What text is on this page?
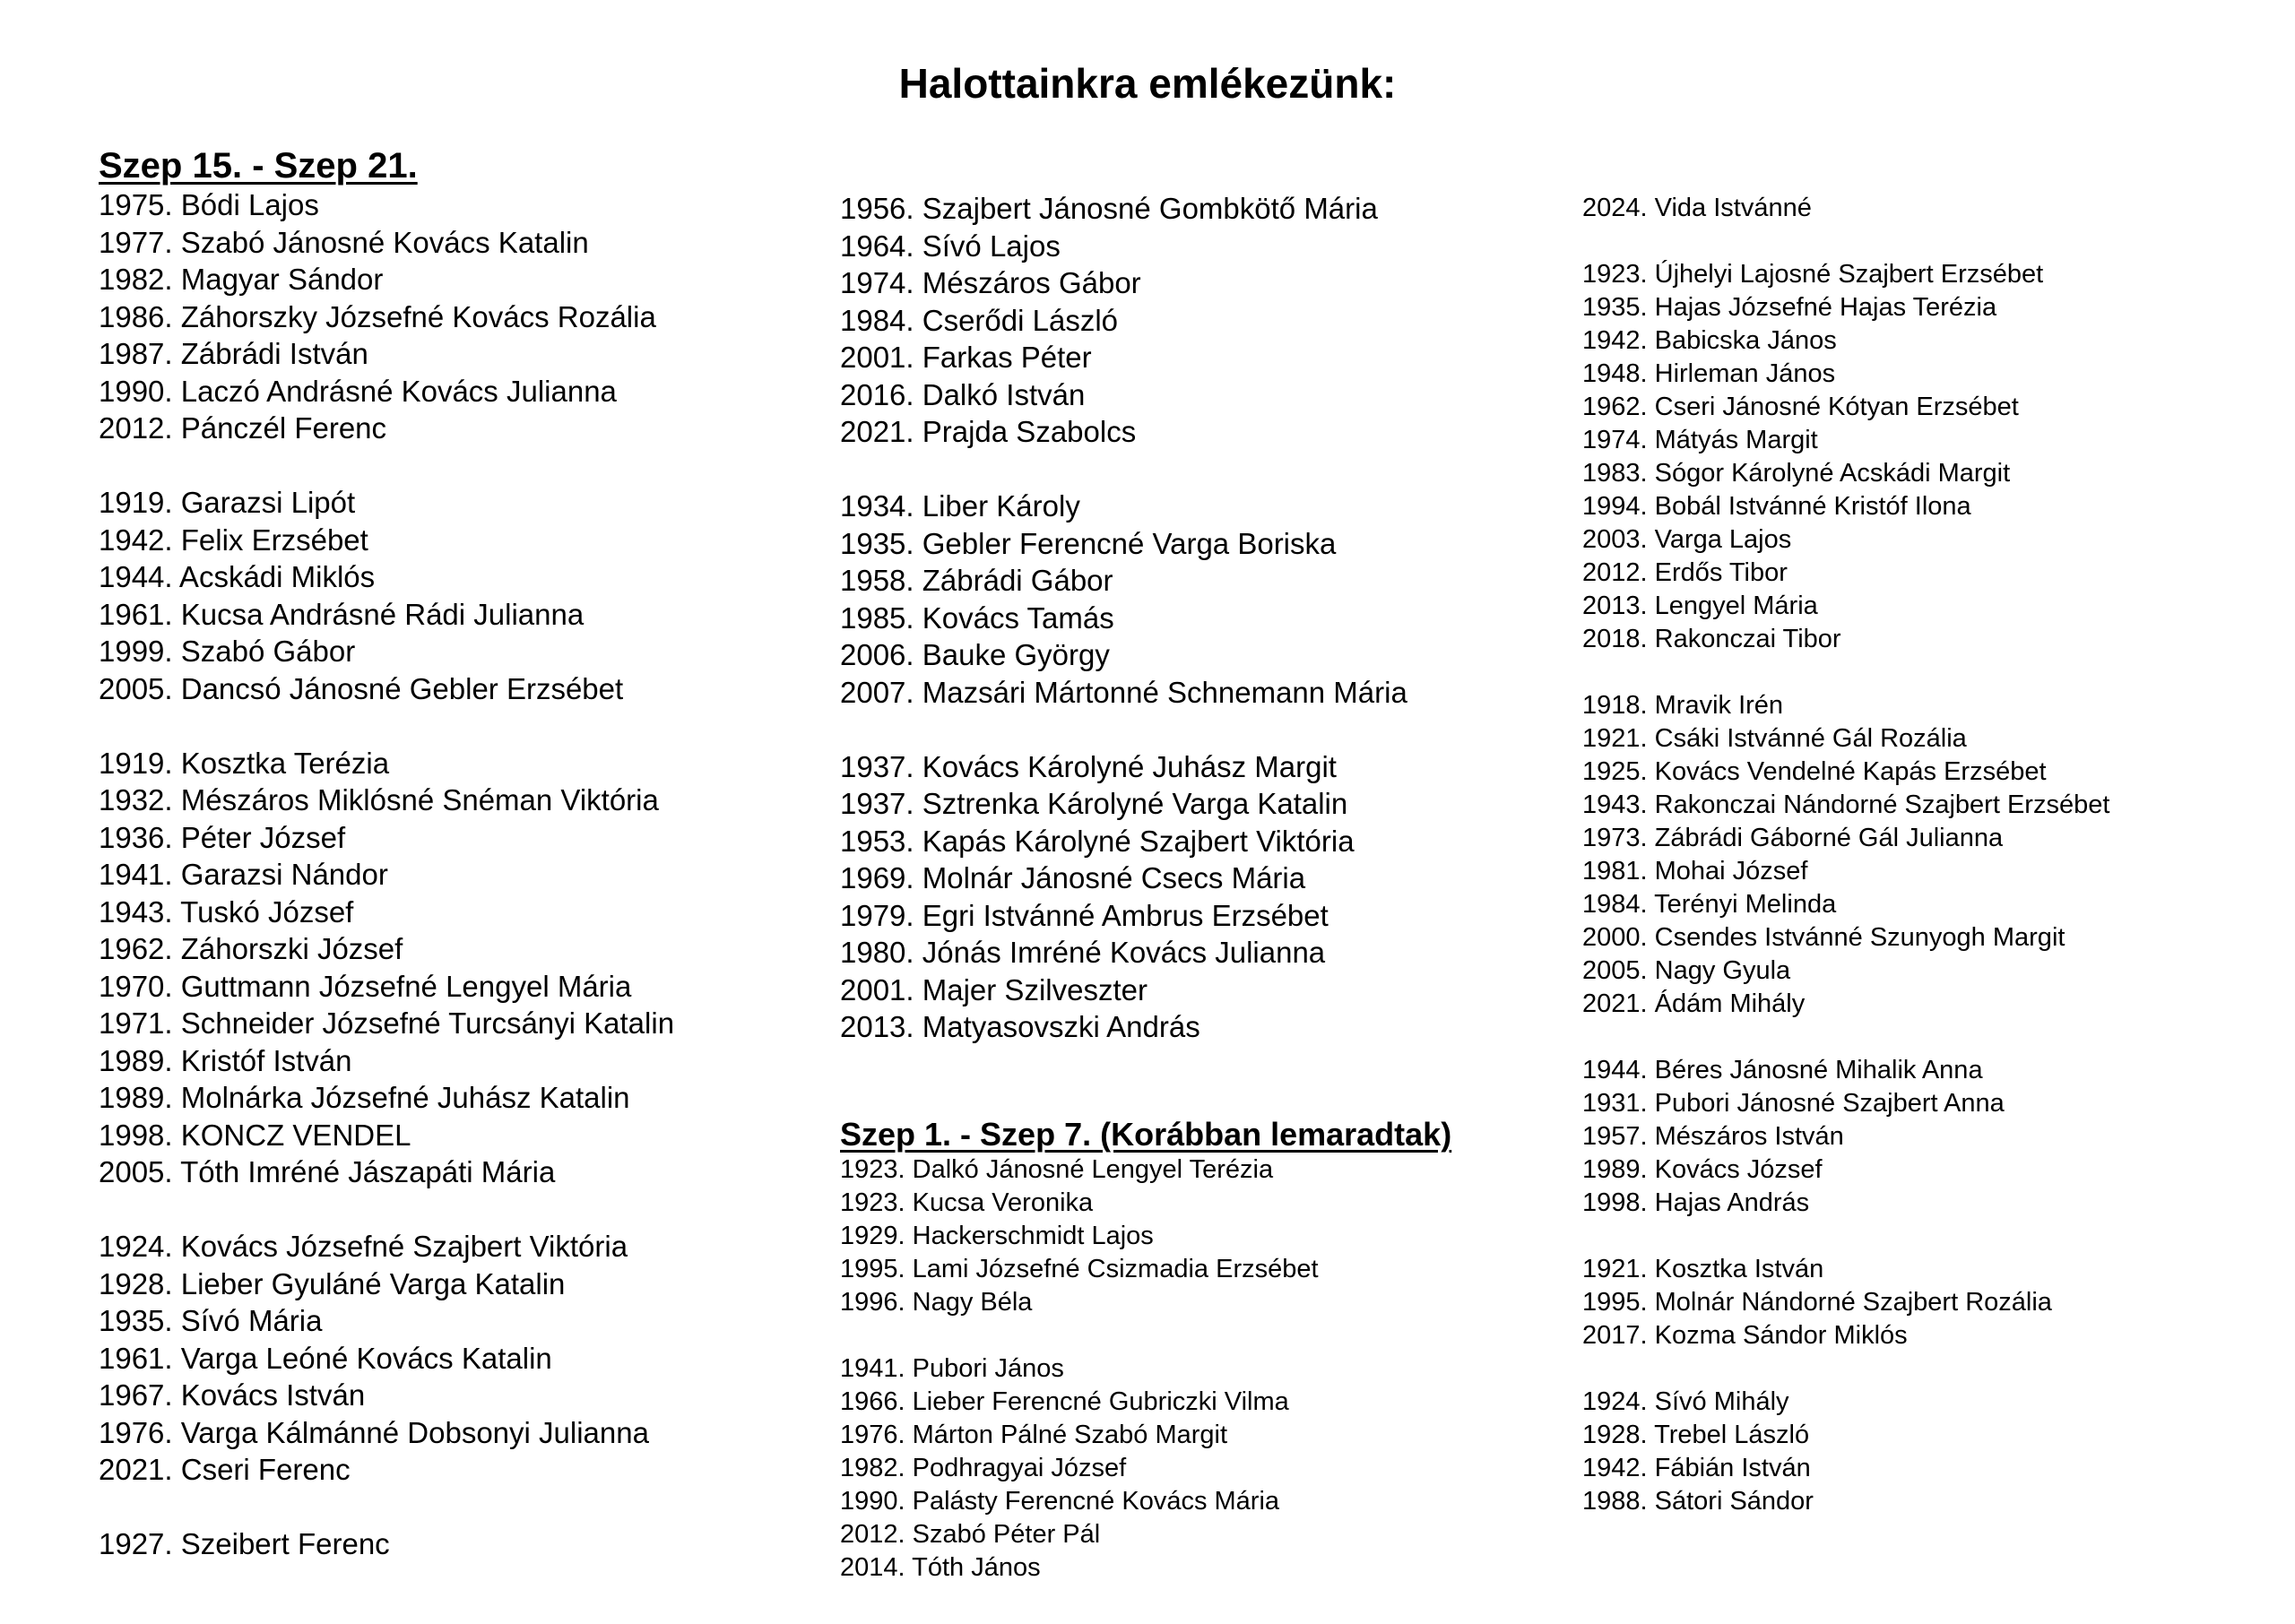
Halottainkra emlékezünk:
Szep 15. - Szep 21.
1975. Bódi Lajos
1977. Szabó Jánosné Kovács Katalin
1982. Magyar Sándor
1986. Záhorszky Józsefné Kovács Rozália
1987. Zábrádi István
1990. Laczó Andrásné Kovács Julianna
2012. Pánczél Ferenc
1919. Garazsi Lipót
1942. Felix Erzsébet
1944. Acskádi Miklós
1961. Kucsa Andrásné Rádi Julianna
1999. Szabó Gábor
2005. Dancsó Jánosné Gebler Erzsébet
1919. Kosztka Terézia
1932. Mészáros Miklósné Snéman Viktória
1936. Péter József
1941. Garazsi Nándor
1943. Tuskó József
1962. Záhorszki József
1970. Guttmann Józsefné Lengyel Mária
1971. Schneider Józsefné Turcsányi Katalin
1989. Kristóf István
1989. Molnárka Józsefné Juhász Katalin
1998. KONCZ VENDEL
2005. Tóth Imréné Jászapáti Mária
1924. Kovács Józsefné Szajbert Viktória
1928. Lieber Gyuláné Varga Katalin
1935. Sívó Mária
1961. Varga Leóné Kovács Katalin
1967. Kovács István
1976. Varga Kálmánné Dobsonyi Julianna
2021. Cseri Ferenc
1927. Szeibert Ferenc
1956. Szajbert Jánosné Gombkötő Mária
1964. Sívó Lajos
1974. Mészáros Gábor
1984. Cserődi László
2001. Farkas Péter
2016. Dalkó István
2021. Prajda Szabolcs
1934. Liber Károly
1935. Gebler Ferencné Varga Boriska
1958. Zábrádi Gábor
1985. Kovács Tamás
2006. Bauke György
2007. Mazsári Mártonné Schnemann Mária
1937. Kovács Károlyné Juhász Margit
1937. Sztrenka Károlyné Varga Katalin
1953. Kapás Károlyné Szajbert Viktória
1969. Molnár Jánosné Csecs Mária
1979. Egri Istvánné Ambrus Erzsébet
1980. Jónás Imréné Kovács Julianna
2001. Majer Szilveszter
2013. Matyasovszki András
Szep 1. - Szep 7. (Korábban lemaradtak)
1923. Dalkó Jánosné Lengyel Terézia
1923. Kucsa Veronika
1929. Hackerschmidt Lajos
1995. Lami Józsefné Csizmadia Erzsébet
1996. Nagy Béla
1941. Pubori János
1966. Lieber Ferencné Gubriczki Vilma
1976. Márton Pálné Szabó Margit
1982. Podhragyai József
1990. Palásty Ferencné Kovács Mária
2012. Szabó Péter Pál
2014. Tóth János
2024. Vida Istvánné
1923. Újhelyi Lajosné Szajbert Erzsébet
1935. Hajas Józsefné Hajas Terézia
1942. Babicska János
1948. Hirleman János
1962. Cseri Jánosné Kótyan Erzsébet
1974. Mátyás Margit
1983. Sógor Károlyné Acskádi Margit
1994. Bobál Istvánné Kristóf Ilona
2003. Varga Lajos
2012. Erdős Tibor
2013. Lengyel Mária
2018. Rakonczai Tibor
1918. Mravik Irén
1921. Csáki Istvánné Gál Rozália
1925. Kovács Vendelné Kapás Erzsébet
1943. Rakonczai Nándorné Szajbert Erzsébet
1973. Zábrádi Gáborné Gál Julianna
1981. Mohai József
1984. Terényi Melinda
2000. Csendes Istvánné Szunyogh Margit
2005. Nagy Gyula
2021. Ádám Mihály
1944. Béres Jánosné Mihalik Anna
1931. Pubori Jánosné Szajbert Anna
1957. Mészáros István
1989. Kovács József
1998. Hajas András
1921. Kosztka István
1995. Molnár Nándorné Szajbert Rozália
2017. Kozma Sándor Miklós
1924. Sívó Mihály
1928. Trebel László
1942. Fábián István
1988. Sátori Sándor
